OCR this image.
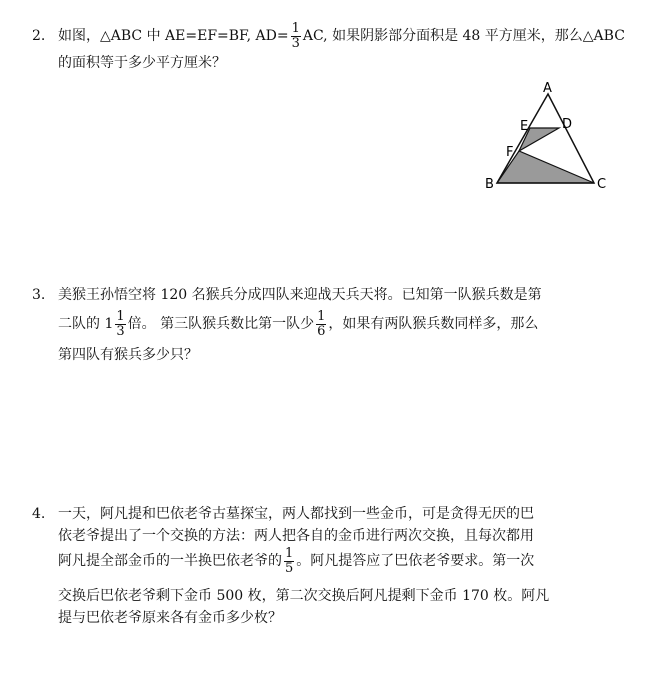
2. 如图，△ABC 中 AE=EF=BF, $AD= \frac{1}{3}$ AC, 如果阴影部分面积是 48 平方厘米，那么△ABC
的面积等于多少平方厘米？
A
E	D
F
B	C
3. 美猴王孙悟空将 120 名猴兵分成四队来迎战天兵天将。已知第一队猴兵数是第
二队的 $1 \frac{1}{3}$ 倍。 第三队猴兵数比第一队少 $\frac{1}{6}$ ，如果有两队猴兵数同样多，那么
第四队有猴兵多少只？
4. 一天，阿凡提和巴依老爷古墓探宝，两人都找到一些金币，可是贪得无厌的巴
依老爷提出了一个交换的方法：两人把各自的金币进行两次交换，且每次都用
阿凡提全部金币的一半换巴依老爷的 $\frac{1}{5}$ 。阿凡提答应了巴依老爷要求。第一次
交换后巴依老爷剩下金币 500 枚，第二次交换后阿凡提剩下金币 170 枚。阿凡
提与巴依老爷原来各有金币多少枚？
